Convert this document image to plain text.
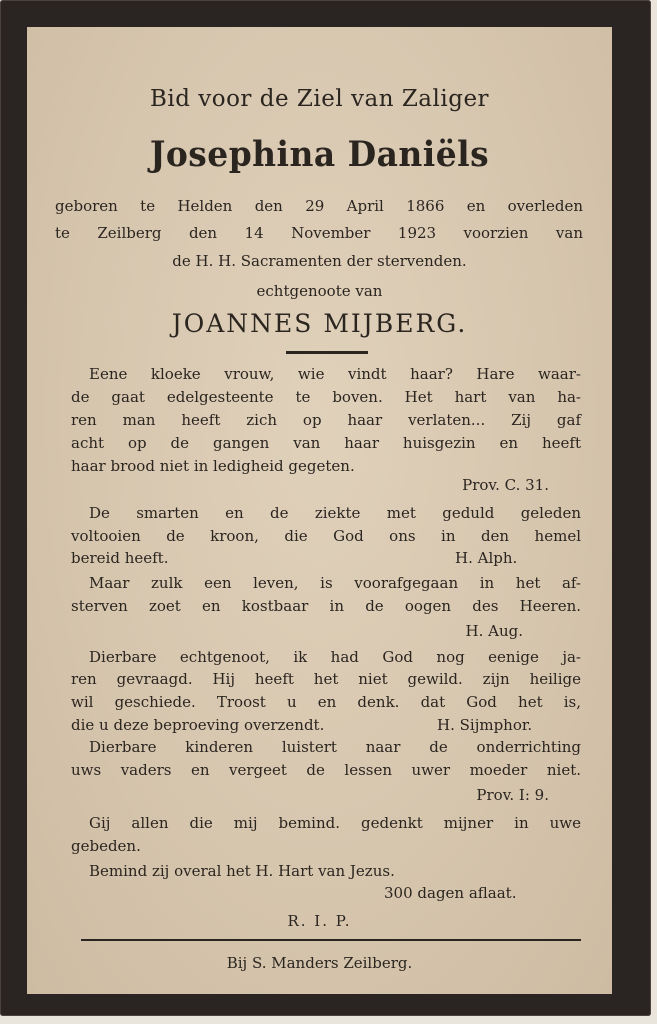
Bid voor de Ziel van Zaliger
Josephina Daniëls
geboren te Helden den 29 April 1866 en overleden
te Zeilberg den 14 November 1923 voorzien van
de H. H. Sacramenten der stervenden.
echtgenoote van
JOANNES MIJBERG.
Eene kloeke vrouw, wie vindt haar? Hare waar-
de gaat edelgesteente te boven. Het hart van ha-
ren man heeft zich op haar verlaten... Zij gaf
acht op de gangen van haar huisgezin en heeft
haar brood niet in ledigheid gegeten.
Prov. C. 31.
De smarten en de ziekte met geduld geleden
voltooien de kroon, die God ons in den hemel
bereid heeft.	H. Alph.
Maar zulk een leven, is voorafgegaan in het af-
sterven zoet en kostbaar in de oogen des Heeren.
H. Aug.
Dierbare echtgenoot, ik had God nog eenige ja-
ren gevraagd. Hij heeft het niet gewild. zijn heilige
wil geschiede. Troost u en denk. dat God het is,
die u deze beproeving overzendt.	H. Sijmphor.
Dierbare kinderen luistert naar de onderrichting
uws vaders en vergeet de lessen uwer moeder niet.
Prov. I: 9.
Gij allen die mij bemind. gedenkt mijner in uwe
gebeden.
Bemind zij overal het H. Hart van Jezus.
300 dagen aflaat.
R. I. P.
Bij S. Manders Zeilberg.
